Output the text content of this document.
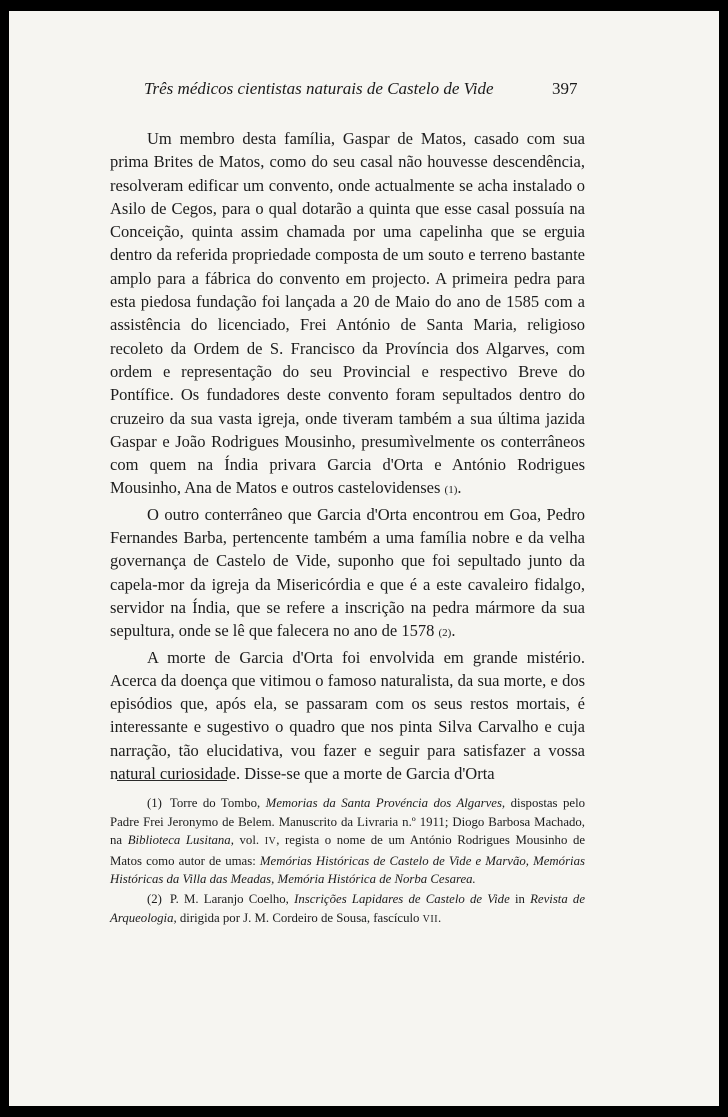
Três médicos cientistas naturais de Castelo de Vide	397

Um membro desta família, Gaspar de Matos, casado com sua prima Brites de Matos, como do seu casal não houvesse descendência, resolveram edificar um convento, onde actualmente se acha instalado o Asilo de Cegos, para o qual dotarão a quinta que esse casal possuía na Conceição, quinta assim chamada por uma capelinha que se erguia dentro da referida propriedade composta de um souto e terreno bastante amplo para a fábrica do convento em projecto. A primeira pedra para esta piedosa fundação foi lançada a 20 de Maio do ano de 1585 com a assistência do licenciado, Frei António de Santa Maria, religioso recoleto da Ordem de S. Francisco da Província dos Algarves, com ordem e representação do seu Provincial e respectivo Breve do Pontífice. Os fundadores deste convento foram sepultados dentro do cruzeiro da sua vasta igreja, onde tiveram também a sua última jazida Gaspar e João Rodrigues Mousinho, presumìvelmente os conterrâneos com quem na Índia privara Garcia d'Orta e António Rodrigues Mousinho, Ana de Matos e outros castelovidenses (1).

O outro conterrâneo que Garcia d'Orta encontrou em Goa, Pedro Fernandes Barba, pertencente também a uma família nobre e da velha governança de Castelo de Vide, suponho que foi sepultado junto da capela-mor da igreja da Misericórdia e que é a este cavaleiro fidalgo, servidor na Índia, que se refere a inscrição na pedra mármore da sua sepultura, onde se lê que falecera no ano de 1578 (2).

A morte de Garcia d'Orta foi envolvida em grande mistério. Acerca da doença que vitimou o famoso naturalista, da sua morte, e dos episódios que, após ela, se passaram com os seus restos mortais, é interessante e sugestivo o quadro que nos pinta Silva Carvalho e cuja narração, tão elucidativa, vou fazer e seguir para satisfazer a vossa natural curiosidade. Disse-se que a morte de Garcia d'Orta

(1) Torre do Tombo, Memorias da Santa Provéncia dos Algarves, dispostas pelo Padre Frei Jeronymo de Belem. Manuscrito da Livraria n.º 1911; Diogo Barbosa Machado, na Biblioteca Lusitana, vol. IV, regista o nome de um António Rodrigues Mousinho de Matos como autor de umas: Memórias Históricas de Castelo de Vide e Marvão, Memórias Históricas da Villa das Meadas, Memória Histórica de Norba Cesarea.

(2) P. M. Laranjo Coelho, Inscrições Lapidares de Castelo de Vide in Revista de Arqueologia, dirigida por J. M. Cordeiro de Sousa, fascículo VII.
